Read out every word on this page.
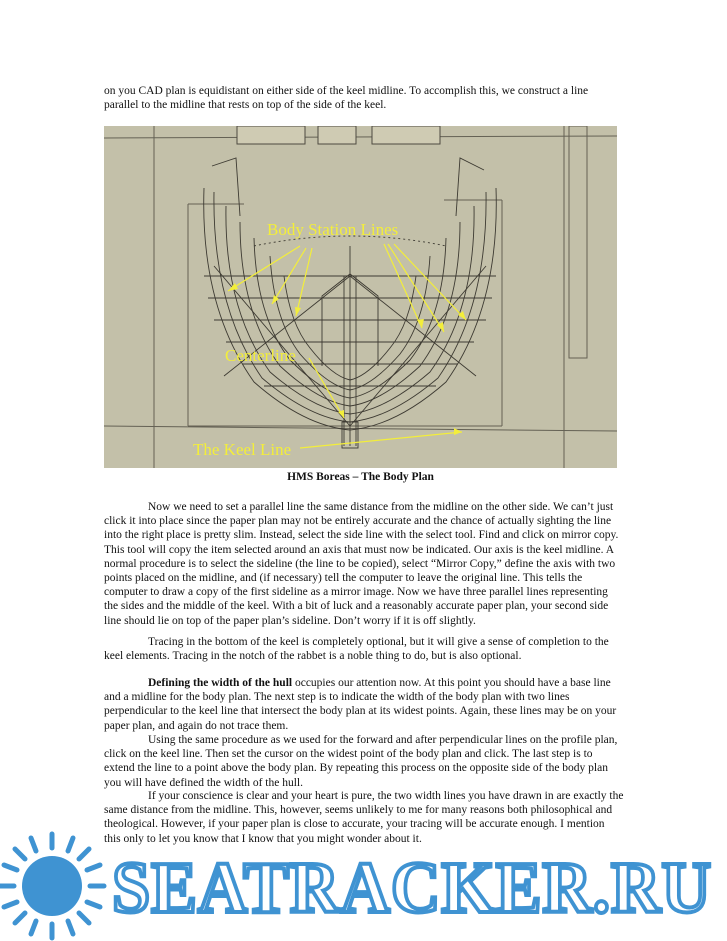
on you CAD plan is equidistant on either side of the keel midline. To accomplish this, we construct a line parallel to the midline that rests on top of the side of the keel.

Body Station Lines
Centerline
The Keel Line

HMS Boreas – The Body Plan

Now we need to set a parallel line the same distance from the midline on the other side. We can’t just click it into place since the paper plan may not be entirely accurate and the chance of actually sighting the line into the right place is pretty slim. Instead, select the side line with the select tool. Find and click on mirror copy. This tool will copy the item selected around an axis that must now be indicated. Our axis is the keel midline. A normal procedure is to select the sideline (the line to be copied), select “Mirror Copy,” define the axis with two points placed on the midline, and (if necessary) tell the computer to leave the original line. This tells the computer to draw a copy of the first sideline as a mirror image. Now we have three parallel lines representing the sides and the middle of the keel. With a bit of luck and a reasonably accurate paper plan, your second side line should lie on top of the paper plan’s sideline. Don’t worry if it is off slightly.

Tracing in the bottom of the keel is completely optional, but it will give a sense of completion to the keel elements. Tracing in the notch of the rabbet is a noble thing to do, but is also optional.

Defining the width of the hull occupies our attention now. At this point you should have a base line and a midline for the body plan. The next step is to indicate the width of the body plan with two lines perpendicular to the keel line that intersect the body plan at its widest points. Again, these lines may be on your paper plan, and again do not trace them.

Using the same procedure as we used for the forward and after perpendicular lines on the profile plan, click on the keel line. Then set the cursor on the widest point of the body plan and click. The last step is to extend the line to a point above the body plan. By repeating this process on the opposite side of the body plan you will have defined the width of the hull.

If your conscience is clear and your heart is pure, the two width lines you have drawn in are exactly the same distance from the midline. This, however, seems unlikely to me for many reasons both philosophical and theological. However, if your paper plan is close to accurate, your tracing will be accurate enough. I mention this only to let you know that I know that you might wonder about it.

SEATRACKER.RU
